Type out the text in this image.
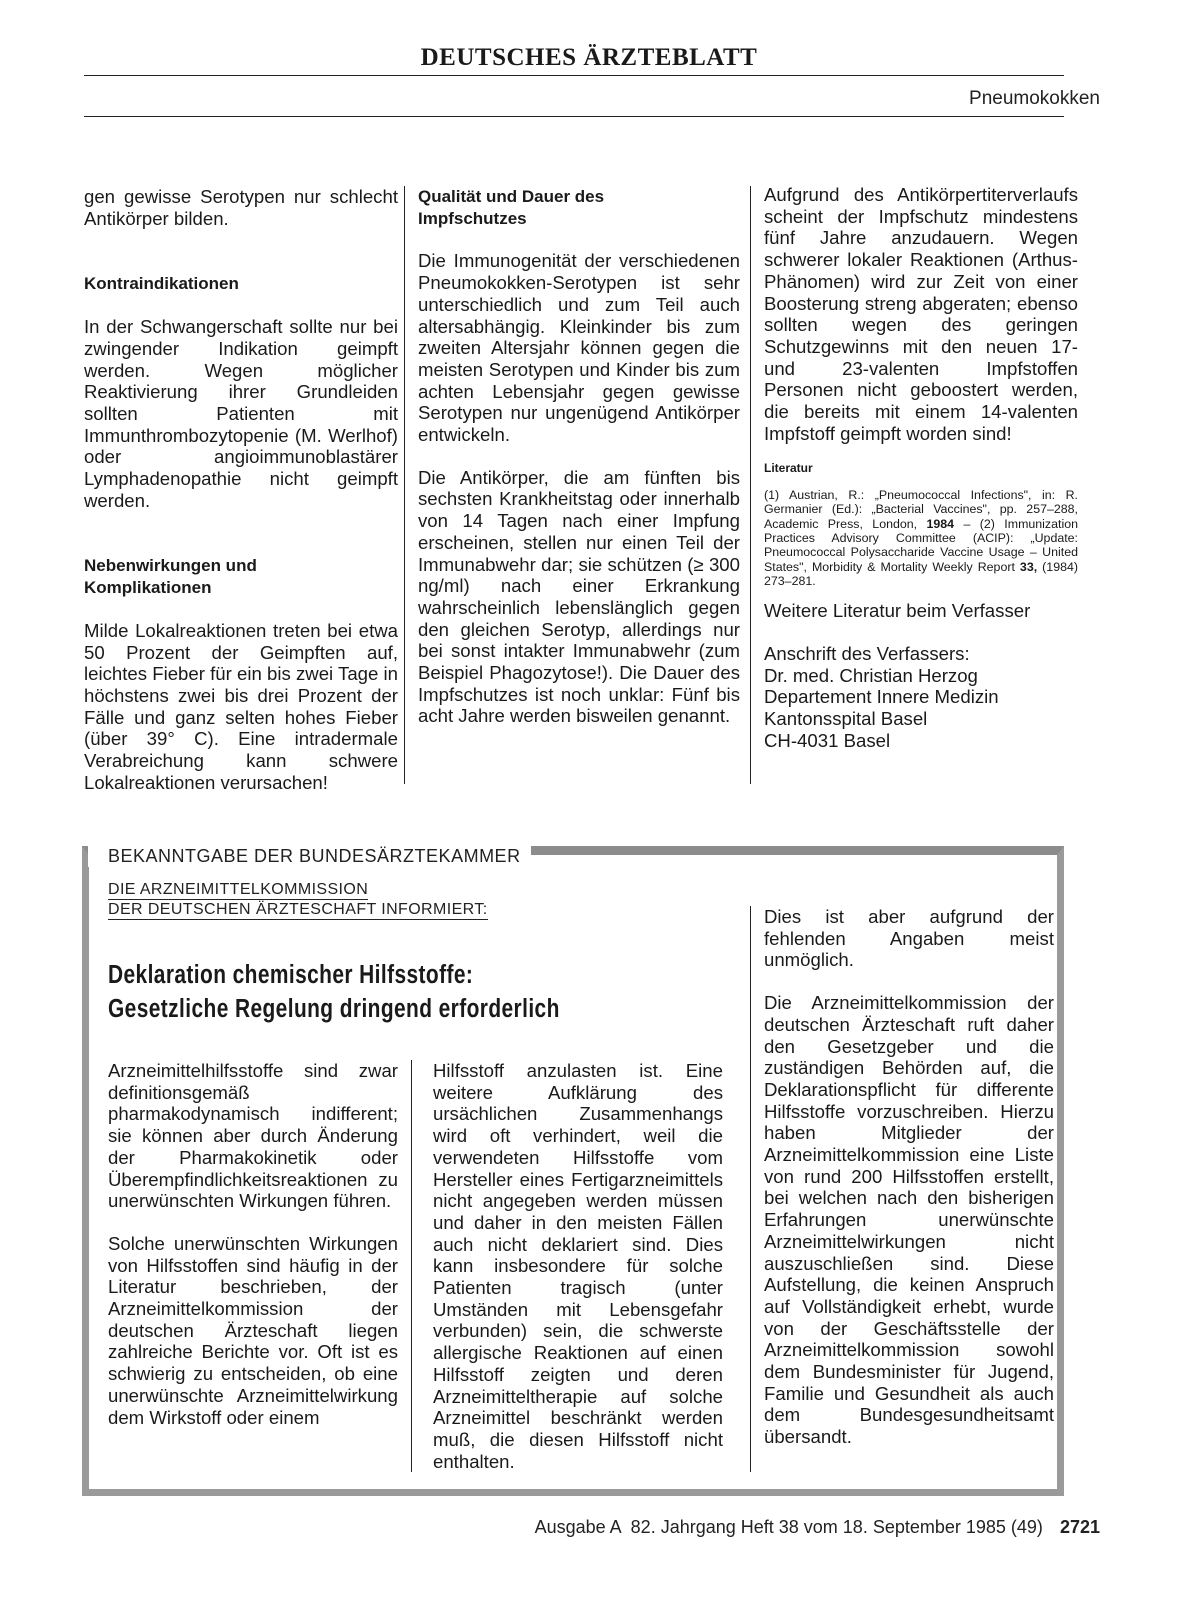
DEUTSCHES ÄRZTEBLATT
Pneumokokken

gen gewisse Serotypen nur schlecht Antikörper bilden.

Kontraindikationen

In der Schwangerschaft sollte nur bei zwingender Indikation geimpft werden. Wegen möglicher Reaktivierung ihrer Grundleiden sollten Patienten mit Immunthrombozytopenie (M. Werlhof) oder angioimmunoblastärer Lymphadenopathie nicht geimpft werden.

Nebenwirkungen und Komplikationen

Milde Lokalreaktionen treten bei etwa 50 Prozent der Geimpften auf, leichtes Fieber für ein bis zwei Tage in höchstens zwei bis drei Prozent der Fälle und ganz selten hohes Fieber (über 39° C). Eine intradermale Verabreichung kann schwere Lokalreaktionen verursachen!

Qualität und Dauer des Impfschutzes

Die Immunogenität der verschiedenen Pneumokokken-Serotypen ist sehr unterschiedlich und zum Teil auch altersabhängig. Kleinkinder bis zum zweiten Altersjahr können gegen die meisten Serotypen und Kinder bis zum achten Lebensjahr gegen gewisse Serotypen nur ungenügend Antikörper entwickeln.

Die Antikörper, die am fünften bis sechsten Krankheitstag oder innerhalb von 14 Tagen nach einer Impfung erscheinen, stellen nur einen Teil der Immunabwehr dar; sie schützen (≥ 300 ng/ml) nach einer Erkrankung wahrscheinlich lebenslänglich gegen den gleichen Serotyp, allerdings nur bei sonst intakter Immunabwehr (zum Beispiel Phagozytose!). Die Dauer des Impfschutzes ist noch unklar: Fünf bis acht Jahre werden bisweilen genannt.

Aufgrund des Antikörpertiterverlaufs scheint der Impfschutz mindestens fünf Jahre anzudauern. Wegen schwerer lokaler Reaktionen (Arthus-Phänomen) wird zur Zeit von einer Boosterung streng abgeraten; ebenso sollten wegen des geringen Schutzgewinns mit den neuen 17- und 23-valenten Impfstoffen Personen nicht geboostert werden, die bereits mit einem 14-valenten Impfstoff geimpft worden sind!

Literatur
(1) Austrian, R.: „Pneumococcal Infections", in: R. Germanier (Ed.): „Bacterial Vaccines", pp. 257–288, Academic Press, London, 1984 – (2) Immunization Practices Advisory Committee (ACIP): „Update: Pneumococcal Polysaccharide Vaccine Usage – United States", Morbidity & Mortality Weekly Report 33, (1984) 273–281.

Weitere Literatur beim Verfasser

Anschrift des Verfassers:
Dr. med. Christian Herzog
Departement Innere Medizin
Kantonsspital Basel
CH-4031 Basel
BEKANNTGABE DER BUNDESÄRZTEKAMMER
DIE ARZNEIMITTELKOMMISSION
DER DEUTSCHEN ÄRZTESCHAFT INFORMIERT:
Deklaration chemischer Hilfsstoffe:
Gesetzliche Regelung dringend erforderlich

Arzneimittelhilfsstoffe sind zwar definitionsgemäß pharmakodynamisch indifferent; sie können aber durch Änderung der Pharmakokinetik oder Überempfindlichkeitsreaktionen zu unerwünschten Wirkungen führen.

Solche unerwünschten Wirkungen von Hilfsstoffen sind häufig in der Literatur beschrieben, der Arzneimittelkommission der deutschen Ärzteschaft liegen zahlreiche Berichte vor. Oft ist es schwierig zu entscheiden, ob eine unerwünschte Arzneimittelwirkung dem Wirkstoff oder einem

Hilfsstoff anzulasten ist. Eine weitere Aufklärung des ursächlichen Zusammenhangs wird oft verhindert, weil die verwendeten Hilfsstoffe vom Hersteller eines Fertigarzneimittels nicht angegeben werden müssen und daher in den meisten Fällen auch nicht deklariert sind. Dies kann insbesondere für solche Patienten tragisch (unter Umständen mit Lebensgefahr verbunden) sein, die schwerste allergische Reaktionen auf einen Hilfsstoff zeigten und deren Arzneimitteltherapie auf solche Arzneimittel beschränkt werden muß, die diesen Hilfsstoff nicht enthalten.

Dies ist aber aufgrund der fehlenden Angaben meist unmöglich.

Die Arzneimittelkommission der deutschen Ärzteschaft ruft daher den Gesetzgeber und die zuständigen Behörden auf, die Deklarationspflicht für differente Hilfsstoffe vorzuschreiben. Hierzu haben Mitglieder der Arzneimittelkommission eine Liste von rund 200 Hilfsstoffen erstellt, bei welchen nach den bisherigen Erfahrungen unerwünschte Arzneimittelwirkungen nicht auszuschließen sind. Diese Aufstellung, die keinen Anspruch auf Vollständigkeit erhebt, wurde von der Geschäftsstelle der Arzneimittelkommission sowohl dem Bundesminister für Jugend, Familie und Gesundheit als auch dem Bundesgesundheitsamt übersandt.

Ausgabe A  82. Jahrgang Heft 38 vom 18. September 1985 (49) 2721
